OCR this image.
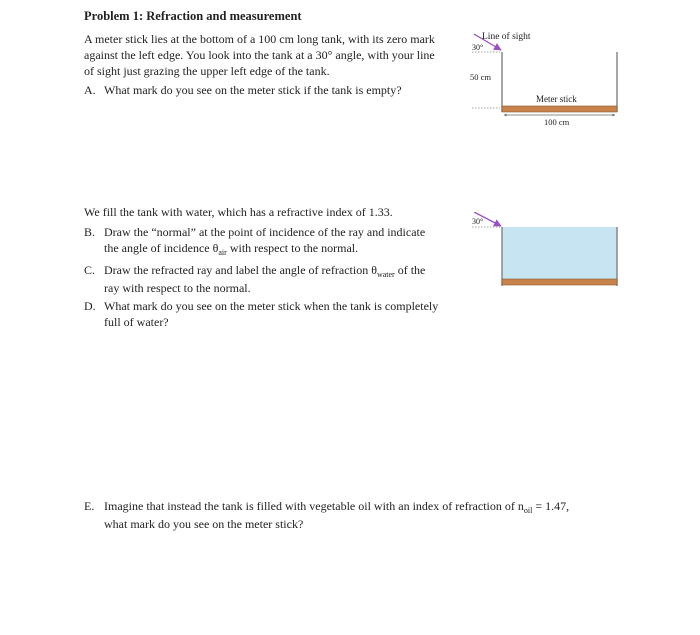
Problem 1: Refraction and measurement
A meter stick lies at the bottom of a 100 cm long tank, with its zero mark
against the left edge. You look into the tank at a 30° angle, with your line
of sight just grazing the upper left edge of the tank.
A. What mark do you see on the meter stick if the tank is empty?
We fill the tank with water, which has a refractive index of 1.33.
B. Draw the “normal” at the point of incidence of the ray and indicate
the angle of incidence $\theta_{air}$ with respect to the normal.
C. Draw the refracted ray and label the angle of refraction $\theta_{water}$ of the
ray with respect to the normal.
D. What mark do you see on the meter stick when the tank is completely
full of water?
E. Imagine that instead the tank is filled with vegetable oil with an index of refraction of $n_{oil} = 1.47$,
what mark do you see on the meter stick?
Line of sight
30°
50 cm
Meter stick
100 cm
30°
